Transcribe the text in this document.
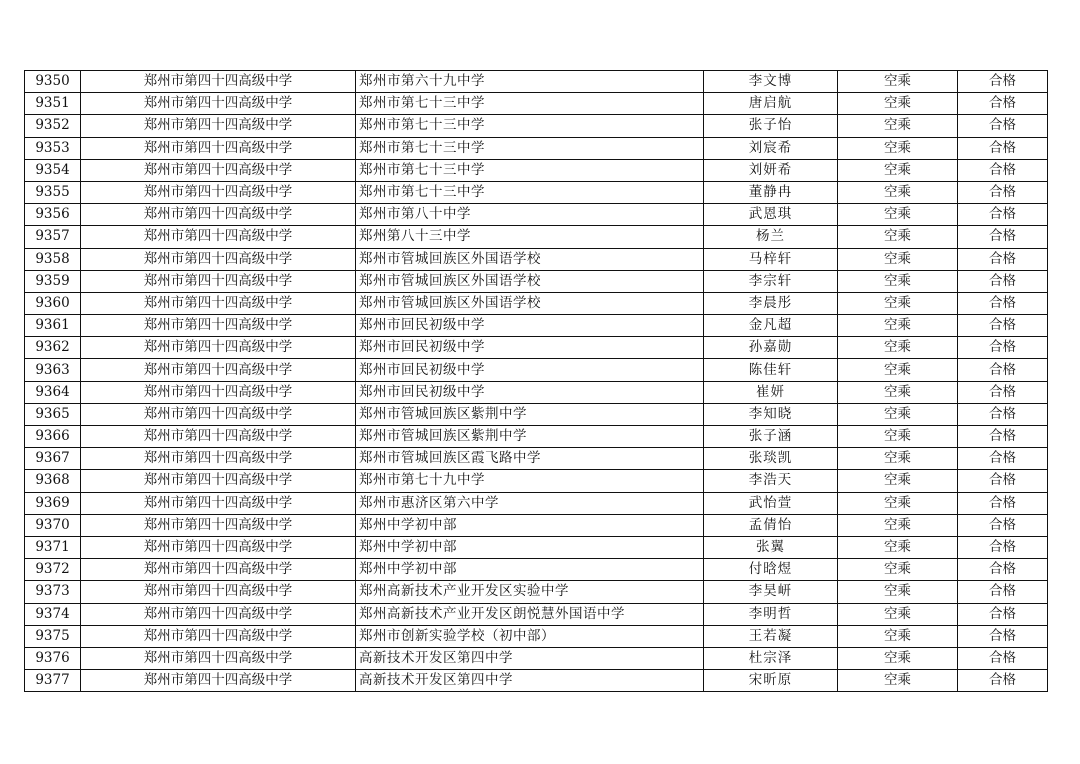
9350	郑州市第四十四高级中学	郑州市第六十九中学	李文博	空乘	合格
9351	郑州市第四十四高级中学	郑州市第七十三中学	唐启航	空乘	合格
9352	郑州市第四十四高级中学	郑州市第七十三中学	张子怡	空乘	合格
9353	郑州市第四十四高级中学	郑州市第七十三中学	刘宸希	空乘	合格
9354	郑州市第四十四高级中学	郑州市第七十三中学	刘妍希	空乘	合格
9355	郑州市第四十四高级中学	郑州市第七十三中学	董静冉	空乘	合格
9356	郑州市第四十四高级中学	郑州市第八十中学	武恩琪	空乘	合格
9357	郑州市第四十四高级中学	郑州第八十三中学	杨兰	空乘	合格
9358	郑州市第四十四高级中学	郑州市管城回族区外国语学校	马梓轩	空乘	合格
9359	郑州市第四十四高级中学	郑州市管城回族区外国语学校	李宗轩	空乘	合格
9360	郑州市第四十四高级中学	郑州市管城回族区外国语学校	李晨彤	空乘	合格
9361	郑州市第四十四高级中学	郑州市回民初级中学	金凡超	空乘	合格
9362	郑州市第四十四高级中学	郑州市回民初级中学	孙嘉勋	空乘	合格
9363	郑州市第四十四高级中学	郑州市回民初级中学	陈佳轩	空乘	合格
9364	郑州市第四十四高级中学	郑州市回民初级中学	崔妍	空乘	合格
9365	郑州市第四十四高级中学	郑州市管城回族区紫荆中学	李知晓	空乘	合格
9366	郑州市第四十四高级中学	郑州市管城回族区紫荆中学	张子涵	空乘	合格
9367	郑州市第四十四高级中学	郑州市管城回族区霞飞路中学	张琰凯	空乘	合格
9368	郑州市第四十四高级中学	郑州市第七十九中学	李浩天	空乘	合格
9369	郑州市第四十四高级中学	郑州市惠济区第六中学	武怡萱	空乘	合格
9370	郑州市第四十四高级中学	郑州中学初中部	孟倩怡	空乘	合格
9371	郑州市第四十四高级中学	郑州中学初中部	张翼	空乘	合格
9372	郑州市第四十四高级中学	郑州中学初中部	付晗煜	空乘	合格
9373	郑州市第四十四高级中学	郑州高新技术产业开发区实验中学	李昊岍	空乘	合格
9374	郑州市第四十四高级中学	郑州高新技术产业开发区朗悦慧外国语中学	李明哲	空乘	合格
9375	郑州市第四十四高级中学	郑州市创新实验学校（初中部）	王若凝	空乘	合格
9376	郑州市第四十四高级中学	高新技术开发区第四中学	杜宗泽	空乘	合格
9377	郑州市第四十四高级中学	高新技术开发区第四中学	宋昕原	空乘	合格
